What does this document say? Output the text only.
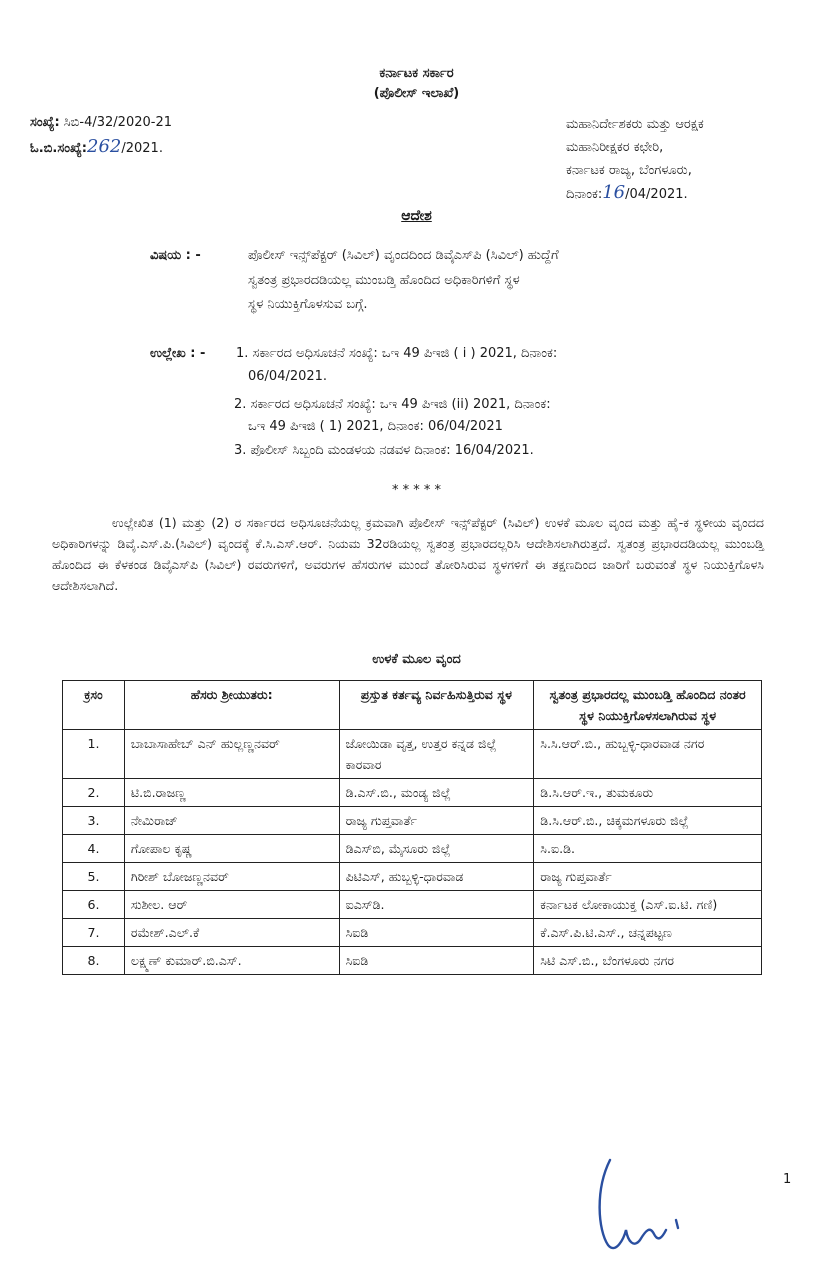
ಕರ್ನಾಟಕ ಸರ್ಕಾರ
(ಪೊಲೀಸ್ ಇಲಾಖೆ)
ಸಂಖ್ಯೆ: ಸಿಬಿ-4/32/2020-21
ಓ.ಬಿ.ಸಂಖ್ಯೆ:262/2021.
ಮಹಾನಿರ್ದೇಶಕರು ಮತ್ತು ಆರಕ್ಷಕ
ಮಹಾನಿರೀಕ್ಷಕರ ಕಛೇರಿ,
ಕರ್ನಾಟಕ ರಾಜ್ಯ, ಬೆಂಗಳೂರು,
ದಿನಾಂಕ:16/04/2021.
ಆದೇಶ
ವಿಷಯ : -	ಪೊಲೀಸ್ ಇನ್ಸ್‌ಪೆಕ್ಟರ್ (ಸಿವಿಲ್) ವೃಂದದಿಂದ ಡಿವೈಎಸ್‌ಪಿ (ಸಿವಿಲ್) ಹುದ್ದೆಗೆ
ಸ್ವತಂತ್ರ ಪ್ರಭಾರದಡಿಯಲ್ಲ ಮುಂಬಡ್ತಿ ಹೊಂದಿದ ಅಧಿಕಾರಿಗಳಿಗೆ ಸ್ಥಳ
ಸ್ಥಳ ನಿಯುಕ್ತಿಗೊಳಸುವ ಬಗ್ಗೆ.
ಉಲ್ಲೇಖ : - 1. ಸರ್ಕಾರದ ಅಧಿಸೂಚನೆ ಸಂಖ್ಯೆ: ಒಇ 49 ಪಿಇಜಿ ( i ) 2021, ದಿನಾಂಕ:
06/04/2021.
2. ಸರ್ಕಾರದ ಅಧಿಸೂಚನೆ ಸಂಖ್ಯೆ: ಒಇ 49 ಪಿಇಜಿ (ii) 2021, ದಿನಾಂಕ:
ಒಇ 49 ಪಿಇಜಿ ( 1) 2021, ದಿನಾಂಕ: 06/04/2021
3. ಪೊಲೀಸ್ ಸಿಬ್ಬಂದಿ ಮಂಡಳಯ ನಡವಳ ದಿನಾಂಕ: 16/04/2021.
* * * * *
ಉಲ್ಲೇಖಿತ (1) ಮತ್ತು (2) ರ ಸರ್ಕಾರದ ಅಧಿಸೂಚನೆಯಲ್ಲ ಕ್ರಮವಾಗಿ ಪೊಲೀಸ್ ಇನ್ಸ್‌ಪೆಕ್ಟರ್ (ಸಿವಿಲ್) ಉಳಕೆ ಮೂಲ ವೃಂದ ಮತ್ತು ಹೈ-ಕ ಸ್ಥಳೀಯ ವೃಂದದ ಅಧಿಕಾರಿಗಳನ್ನು ಡಿವೈ.ಎಸ್.ಪಿ.(ಸಿವಿಲ್) ವೃಂದಕ್ಕೆ ಕೆ.ಸಿ.ಎಸ್.ಆರ್. ನಿಯಮ 32ರಡಿಯಲ್ಲ ಸ್ವತಂತ್ರ ಪ್ರಭಾರದಲ್ಲರಿಸಿ ಆದೇಶಿಸಲಾಗಿರುತ್ತದೆ. ಸ್ವತಂತ್ರ ಪ್ರಭಾರದಡಿಯಲ್ಲ ಮುಂಬಡ್ತಿ ಹೊಂದಿದ ಈ ಕೆಳಕಂಡ ಡಿವೈಎಸ್‌ಪಿ (ಸಿವಿಲ್) ರವರುಗಳಿಗೆ, ಅವರುಗಳ ಹೆಸರುಗಳ ಮುಂದೆ ತೋರಿಸಿರುವ ಸ್ಥಳಗಳಿಗೆ ಈ ತಕ್ಷಣದಿಂದ ಜಾರಿಗೆ ಬರುವಂತೆ ಸ್ಥಳ ನಿಯುಕ್ತಿಗೊಳಸಿ ಆದೇಶಿಸಲಾಗಿದೆ.
ಉಳಕೆ ಮೂಲ ವೃಂದ
ಕ್ರಸಂ	ಹೆಸರು ಶ್ರೀಯುತರು:	ಪ್ರಸ್ತುತ ಕರ್ತವ್ಯ ನಿರ್ವಹಿಸುತ್ತಿರುವ ಸ್ಥಳ	ಸ್ವತಂತ್ರ ಪ್ರಭಾರದಲ್ಲ ಮುಂಬಡ್ತಿ ಹೊಂದಿದ ನಂತರ ಸ್ಥಳ ನಿಯುಕ್ತಿಗೊಳಸಲಾಗಿರುವ ಸ್ಥಳ
1.	ಬಾಬಾಸಾಹೇಬ್ ಎನ್ ಹುಲ್ಲಣ್ಣನವರ್	ಜೋಯಿಡಾ ವೃತ್ತ, ಉತ್ತರ ಕನ್ನಡ ಜಿಲ್ಲೆ ಕಾರವಾರ	ಸಿ.ಸಿ.ಆರ್.ಬಿ., ಹುಬ್ಬಳ್ಳಿ-ಧಾರವಾಡ ನಗರ
2.	ಟಿ.ಬಿ.ರಾಜಣ್ಣ	ಡಿ.ಎಸ್.ಬಿ., ಮಂಡ್ಯ ಜಿಲ್ಲೆ	ಡಿ.ಸಿ.ಆರ್.ಇ., ತುಮಕೂರು
3.	ನೇಮಿರಾಜ್	ರಾಜ್ಯ ಗುಪ್ತವಾರ್ತೆ	ಡಿ.ಸಿ.ಆರ್.ಬಿ., ಚಿಕ್ಕಮಗಳೂರು ಜಿಲ್ಲೆ
4.	ಗೋಪಾಲ ಕೃಷ್ಣ	ಡಿಎಸ್‌ಬಿ, ಮೈಸೂರು ಜಿಲ್ಲೆ	ಸಿ.ಐ.ಡಿ.
5.	ಗಿರೀಶ್ ಬೋಜಣ್ಣನವರ್	ಪಿಟಿಎಸ್, ಹುಬ್ಬಳ್ಳಿ-ಧಾರವಾಡ	ರಾಜ್ಯ ಗುಪ್ತವಾರ್ತೆ
6.	ಸುಶೀಲ. ಆರ್	ಐಎಸ್‌ಡಿ.	ಕರ್ನಾಟಕ ಲೋಕಾಯುಕ್ತ (ಎಸ್.ಐ.ಟಿ. ಗಣಿ)
7.	ರಮೇಶ್.ಎಲ್.ಕೆ	ಸಿಐಡಿ	ಕೆ.ಎಸ್.ಪಿ.ಟಿ.ಎಸ್., ಚನ್ನಪಟ್ಟಣ
8.	ಲಕ್ಷ್ಮಣ್ ಕುಮಾರ್.ಬಿ.ಎಸ್.	ಸಿಐಡಿ	ಸಿಟಿ ಎಸ್.ಬಿ., ಬೆಂಗಳೂರು ನಗರ
1
